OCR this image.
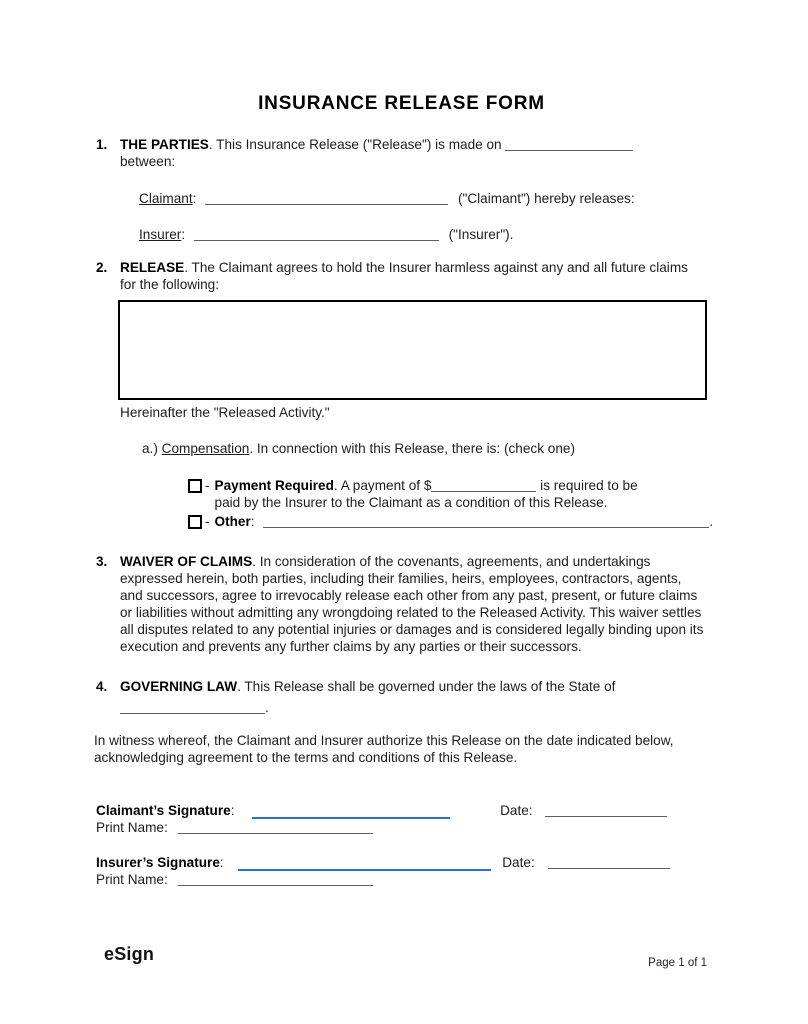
INSURANCE RELEASE FORM
1. THE PARTIES. This Insurance Release ("Release") is made on
between:
Claimant:	("Claimant") hereby releases:
Insurer:	("Insurer").
2. RELEASE. The Claimant agrees to hold the Insurer harmless against any and all future claims for the following:
Hereinafter the "Released Activity."
a.) Compensation. In connection with this Release, there is: (check one)
- Payment Required. A payment of $	is required to be
paid by the Insurer to the Claimant as a condition of this Release.
- Other:	.
3. WAIVER OF CLAIMS. In consideration of the covenants, agreements, and undertakings expressed herein, both parties, including their families, heirs, employees, contractors, agents, and successors, agree to irrevocably release each other from any past, present, or future claims or liabilities without admitting any wrongdoing related to the Released Activity. This waiver settles all disputes related to any potential injuries or damages and is considered legally binding upon its execution and prevents any further claims by any parties or their successors.
4. GOVERNING LAW. This Release shall be governed under the laws of the State of
.
In witness whereof, the Claimant and Insurer authorize this Release on the date indicated below, acknowledging agreement to the terms and conditions of this Release.
Claimant’s Signature:	Date:
Print Name:
Insurer’s Signature:	Date:
Print Name:
eSign	Page 1 of 1
